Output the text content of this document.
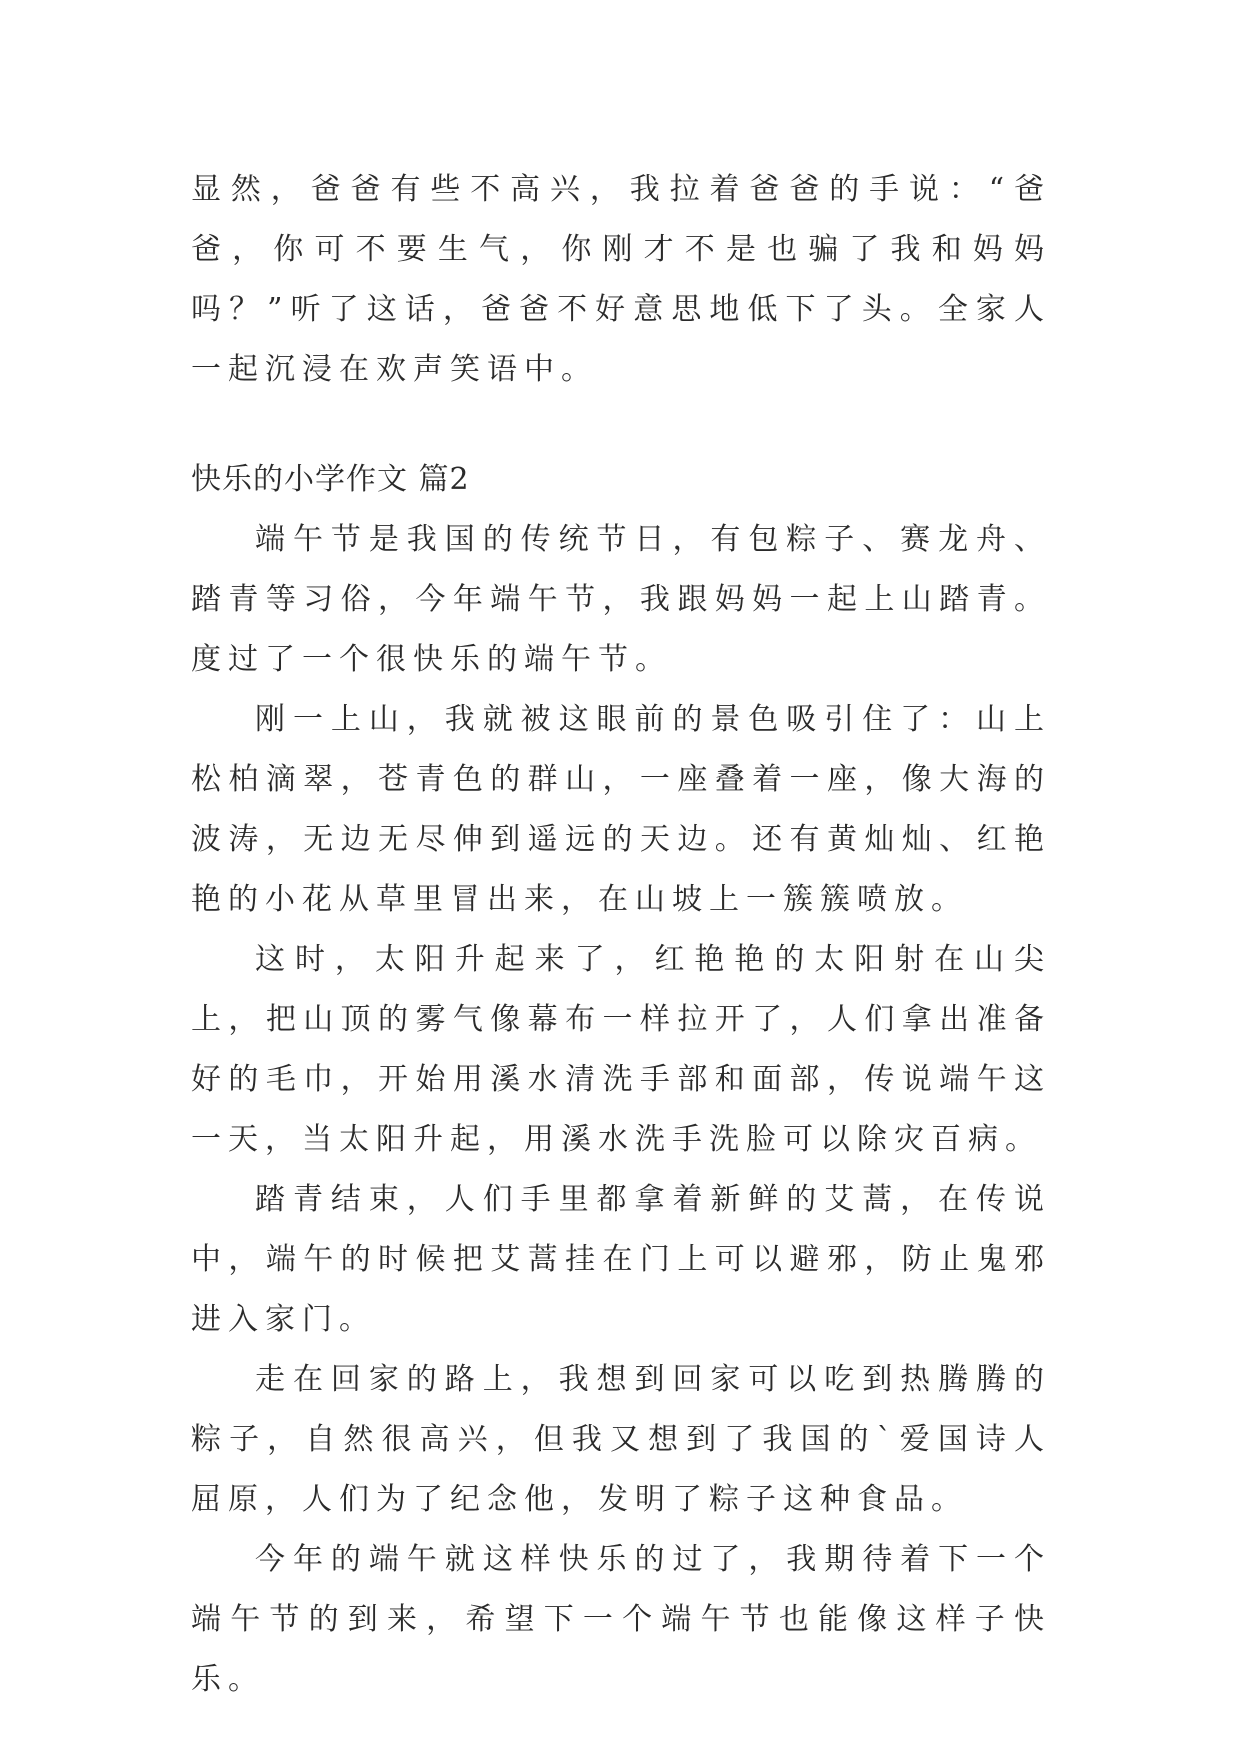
显然，爸爸有些不高兴，我拉着爸爸的手说：“爸爸，你可不要生气，你刚才不是也骗了我和妈妈吗？”听了这话，爸爸不好意思地低下了头。全家人一起沉浸在欢声笑语中。

快乐的小学作文 篇2

端午节是我国的传统节日，有包粽子、赛龙舟、踏青等习俗，今年端午节，我跟妈妈一起上山踏青。度过了一个很快乐的端午节。

刚一上山，我就被这眼前的景色吸引住了：山上松柏滴翠，苍青色的群山，一座叠着一座，像大海的波涛，无边无尽伸到遥远的天边。还有黄灿灿、红艳艳的小花从草里冒出来，在山坡上一簇簇喷放。

这时，太阳升起来了，红艳艳的太阳射在山尖上，把山顶的雾气像幕布一样拉开了，人们拿出准备好的毛巾，开始用溪水清洗手部和面部，传说端午这一天，当太阳升起，用溪水洗手洗脸可以除灾百病。

踏青结束，人们手里都拿着新鲜的艾蒿，在传说中，端午的时候把艾蒿挂在门上可以避邪，防止鬼邪进入家门。

走在回家的路上，我想到回家可以吃到热腾腾的粽子，自然很高兴，但我又想到了我国的`爱国诗人屈原，人们为了纪念他，发明了粽子这种食品。

今年的端午就这样快乐的过了，我期待着下一个端午节的到来，希望下一个端午节也能像这样子快乐。
